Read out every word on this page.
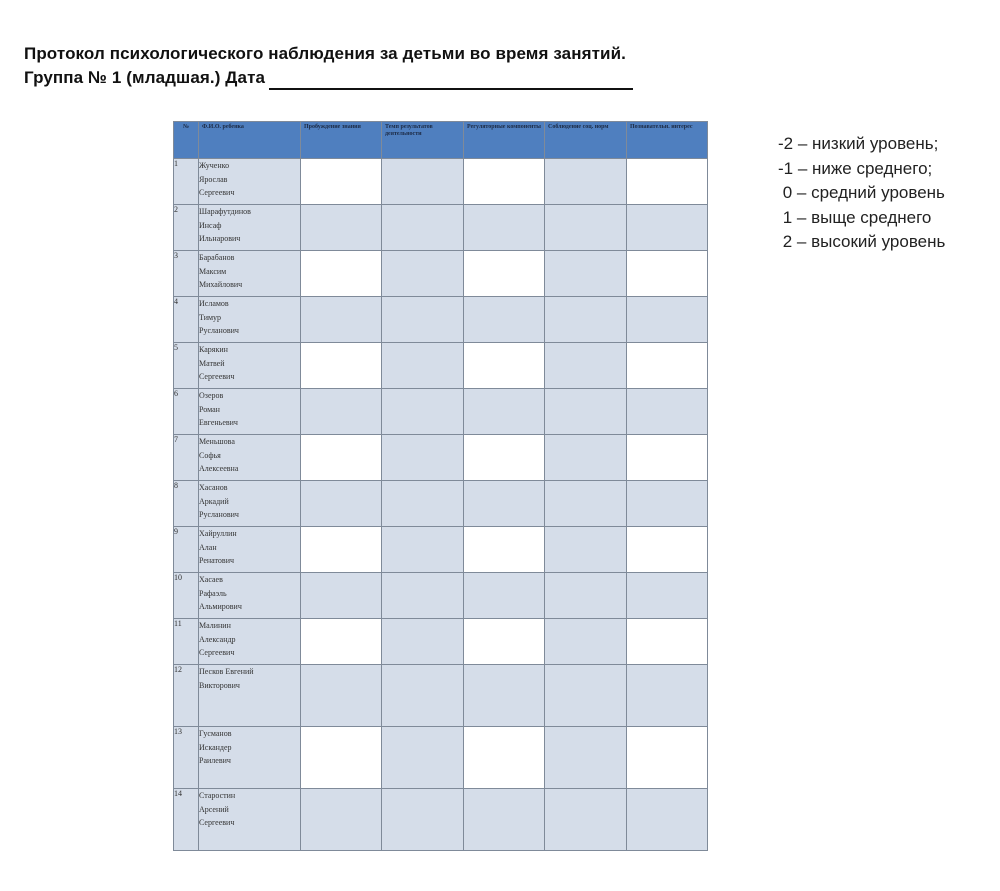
Протокол психологического наблюдения за детьми во время занятий.
Группа № 1 (младшая.) Дата
№	Ф.И.О. ребенка	Пробуждение знания	Темп результатов деятельности	Регуляторные компоненты	Соблюдение соц. норм	Познавательн. интерес
1	Жученко
Ярослав
Сергеевич					

2	Шарафутдинов
Инсаф
Ильнарович					

3	Барабанов
Максим
Михайлович					

4	Исламов
Тимур
Русланович					

5	Карякин
Матвей
Сергеевич					

6	Озеров
Роман
Евгеньевич					

7	Меньшова
Софья
Алексеевна					

8	Хасанов
Аркадий
Русланович					

9	Хайруллин
Алан
Ренатович					

10	Хасаев
Рафаэль
Альмирович					

11	Малинин
Александр
Сергеевич					

12	Песков Евгений
Викторович					

13	Гусманов
Искандер
Раилевич					

14	Старостин
Арсений
Сергеевич					

-2 – низкий уровень;
-1 – ниже среднего;
0 – средний уровень
1 – выще среднего
2 – высокий уровень
